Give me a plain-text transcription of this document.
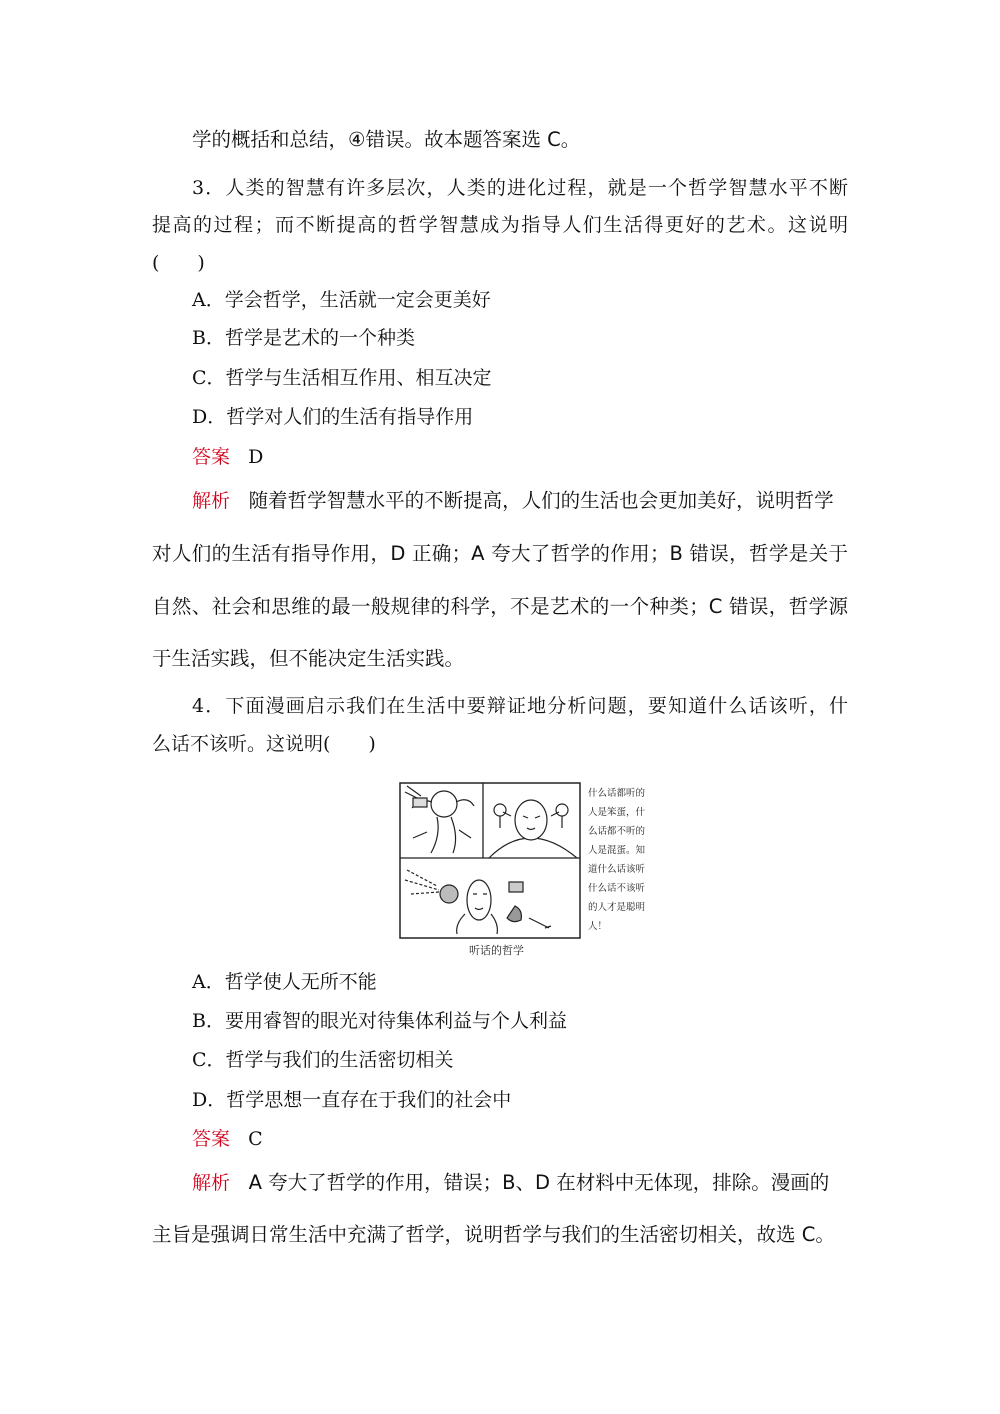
学的概括和总结，④错误。故本题答案选 C。
3．人类的智慧有许多层次，人类的进化过程，就是一个哲学智慧水平不断
提高的过程；而不断提高的哲学智慧成为指导人们生活得更好的艺术。这说明
(　　)
A．学会哲学，生活就一定会更美好
B．哲学是艺术的一个种类
C．哲学与生活相互作用、相互决定
D．哲学对人们的生活有指导作用
答案 D
解析 随着哲学智慧水平的不断提高，人们的生活也会更加美好，说明哲学
对人们的生活有指导作用，D 正确；A 夸大了哲学的作用；B 错误，哲学是关于
自然、社会和思维的最一般规律的科学，不是艺术的一个种类；C 错误，哲学源
于生活实践，但不能决定生活实践。
4．下面漫画启示我们在生活中要辩证地分析问题，要知道什么话该听，什
么话不该听。这说明(　　)
什么话都听的
人是笨蛋，什
么话都不听的
人是混蛋。知
道什么话该听
什么话不该听
的人才是聪明
人！
听话的哲学
A．哲学使人无所不能
B．要用睿智的眼光对待集体利益与个人利益
C．哲学与我们的生活密切相关
D．哲学思想一直存在于我们的社会中
答案 C
解析 A 夸大了哲学的作用，错误；B、D 在材料中无体现，排除。漫画的
主旨是强调日常生活中充满了哲学，说明哲学与我们的生活密切相关，故选 C。
